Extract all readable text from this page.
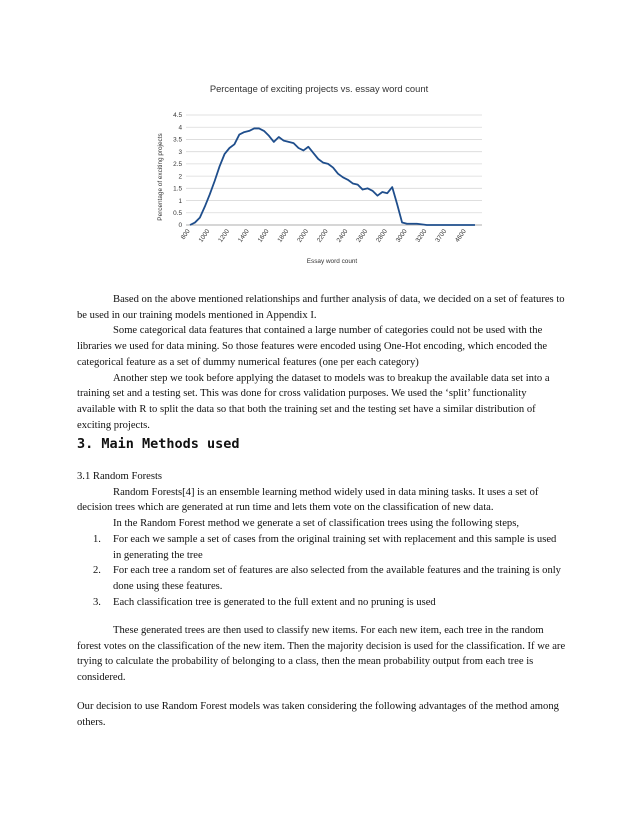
Percentage of exciting projects vs. essay word count
Percentage of exciting projects
Essay word count
0
0.5
1
1.5
2
2.5
3
3.5
4
4.5
800 1000 1200 1400 1600 1800 2000 2200 2400 2600 2800 3000 3200 3700 4600

Based on the above mentioned relationships and further analysis of data, we decided on a set of features to be used in our training models mentioned in Appendix I.

Some categorical data features that contained a large number of categories could not be used with the libraries we used for data mining. So those features were encoded using One-Hot encoding, which encoded the categorical feature as a set of dummy numerical features (one per each category)

Another step we took before applying the dataset to models was to breakup the available data set into a training set and a testing set. This was done for cross validation purposes. We used the ‘split’ functionality available with R to split the data so that both the training set and the testing set have a similar distribution of exciting projects.

3. Main Methods used

3.1 Random Forests

Random Forests[4] is an ensemble learning method widely used in data mining tasks. It uses a set of decision trees which are generated at run time and lets them vote on the classification of new data.

In the Random Forest method we generate a set of classification trees using the following steps,

1. For each we sample a set of cases from the original training set with replacement and this sample is used in generating the tree
2. For each tree a random set of features are also selected from the available features and the training is only done using these features.
3. Each classification tree is generated to the full extent and no pruning is used

These generated trees are then used to classify new items. For each new item, each tree in the random forest votes on the classification of the new item. Then the majority decision is used for the classification. If we are trying to calculate the probability of belonging to a class, then the mean probability output from each tree is considered.

Our decision to use Random Forest models was taken considering the following advantages of the method among others.
